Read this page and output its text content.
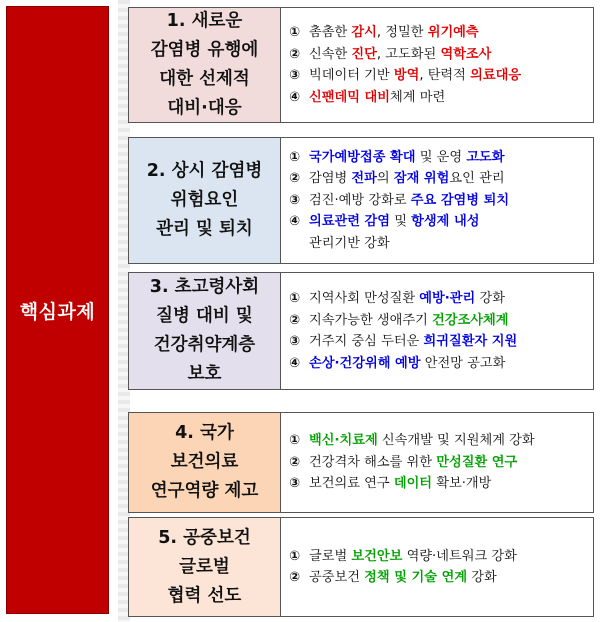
핵심과제
1. 새로운
감염병 유행에
대한 선제적
대비·대응
① 촘촘한 감시, 정밀한 위기예측
② 신속한 진단, 고도화된 역학조사
③ 빅데이터 기반 방역, 탄력적 의료대응
④ 신팬데믹 대비체계 마련
2. 상시 감염병
위험요인
관리 및 퇴치
① 국가예방접종 확대 및 운영 고도화
② 감염병 전파의 잠재 위험요인 관리
③ 검진·예방 강화로 주요 감염병 퇴치
④ 의료관련 감염 및 항생제 내성
관리기반 강화
3. 초고령사회
질병 대비 및
건강취약계층
보호
① 지역사회 만성질환 예방·관리 강화
② 지속가능한 생애주기 건강조사체계
③ 거주지 중심 두터운 희귀질환자 지원
④ 손상·건강위해 예방 안전망 공고화
4. 국가
보건의료
연구역량 제고
① 백신·치료제 신속개발 및 지원체계 강화
② 건강격차 해소를 위한 만성질환 연구
③ 보건의료 연구 데이터 확보·개방
5. 공중보건
글로벌
협력 선도
① 글로벌 보건안보 역량·네트워크 강화
② 공중보건 정책 및 기술 연계 강화
